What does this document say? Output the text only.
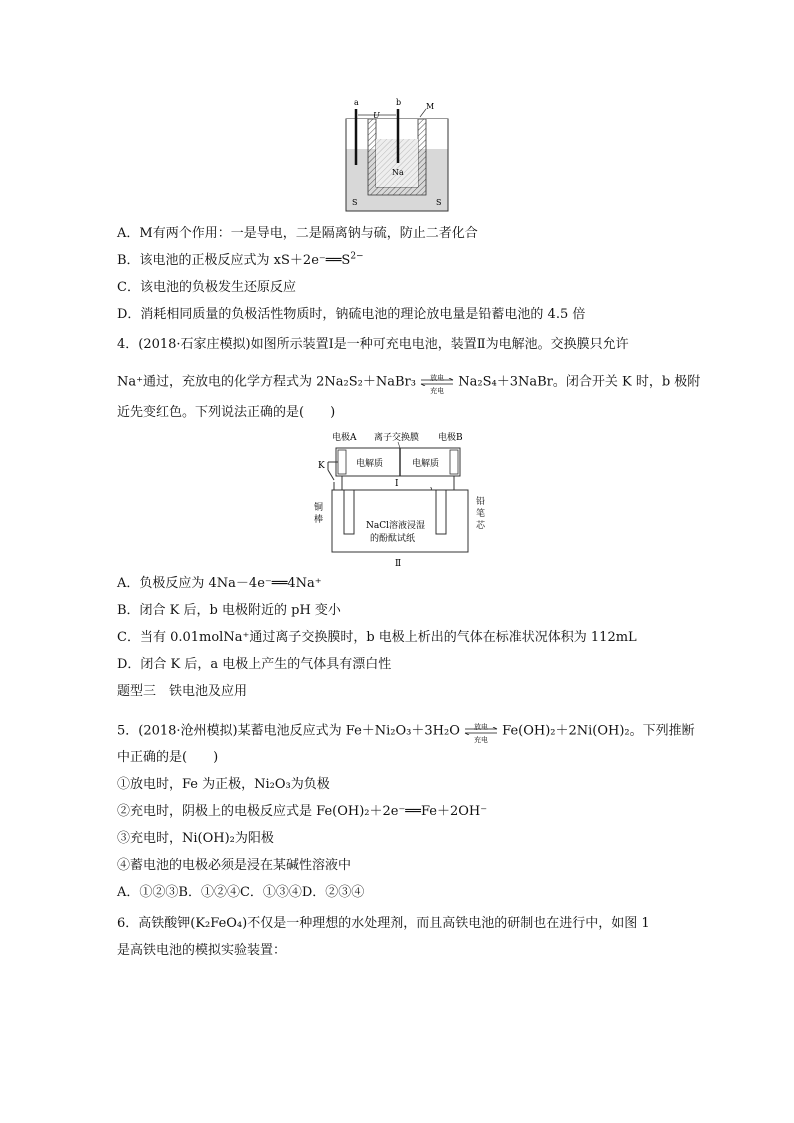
a	b
U
M
Na
S	S
A．M有两个作用：一是导电，二是隔离钠与硫，防止二者化合
B．该电池的正极反应式为 $xS+2e^-══S^{2-}$
C．该电池的负极发生还原反应
D．消耗相同质量的负极活性物质时，钠硫电池的理论放电量是铅蓄电池的 4.5 倍
4．(2018·石家庄模拟)如图所示装置Ⅰ是一种可充电电池，装置Ⅱ为电解池。交换膜只允许
Na⁺通过，充放电的化学方程式为 2Na₂S₂＋NaBr₃	放电
充电
Na₂S₄＋3NaBr。闭合开关 K 时，b 极附
近先变红色。下列说法正确的是(　　)
电极A 离子交换膜 电极B
电解质	电解质
Ⅰ
K
铜
棒
铅
笔
芯
NaCl溶液浸湿
的酚酞试纸
Ⅱ
A．负极反应为 4Na－4e⁻══4Na⁺
B．闭合 K 后，b 电极附近的 pH 变小
C．当有 0.01molNa⁺通过离子交换膜时，b 电极上析出的气体在标准状况体积为 112mL
D．闭合 K 后，a 电极上产生的气体具有漂白性
题型三　铁电池及应用
5．(2018·沧州模拟)某蓄电池反应式为 Fe＋Ni₂O₃＋3H₂O	放电
充电
Fe(OH)₂＋2Ni(OH)₂。下列推断
中正确的是(　　)
①放电时，Fe 为正极，Ni₂O₃为负极
②充电时，阴极上的电极反应式是 Fe(OH)₂＋2e⁻══Fe＋2OH⁻
③充电时，Ni(OH)₂为阳极
④蓄电池的电极必须是浸在某碱性溶液中
A．①②③B．①②④C．①③④D．②③④
6．高铁酸钾(K₂FeO₄)不仅是一种理想的水处理剂，而且高铁电池的研制也在进行中，如图 1
是高铁电池的模拟实验装置：
